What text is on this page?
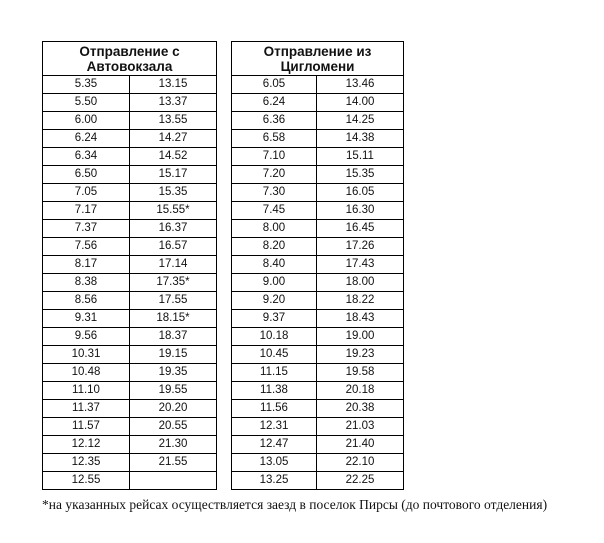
Отправление с Автовокзала	
5.35	13.15
5.50	13.37
6.00	13.55
6.24	14.27
6.34	14.52
6.50	15.17
7.05	15.35
7.17	15.55*
7.37	16.37
7.56	16.57
8.17	17.14
8.38	17.35*
8.56	17.55
9.31	18.15*
9.56	18.37
10.31	19.15
10.48	19.35
11.10	19.55
11.37	20.20
11.57	20.55
12.12	21.30
12.35	21.55
12.55	
Отправление из Цигломени	
6.05	13.46
6.24	14.00
6.36	14.25
6.58	14.38
7.10	15.11
7.20	15.35
7.30	16.05
7.45	16.30
8.00	16.45
8.20	17.26
8.40	17.43
9.00	18.00
9.20	18.22
9.37	18.43
10.18	19.00
10.45	19.23
11.15	19.58
11.38	20.18
11.56	20.38
12.31	21.03
12.47	21.40
13.05	22.10
13.25	22.25
*на указанных рейсах осуществляется заезд в поселок Пирсы (до почтового отделения)
